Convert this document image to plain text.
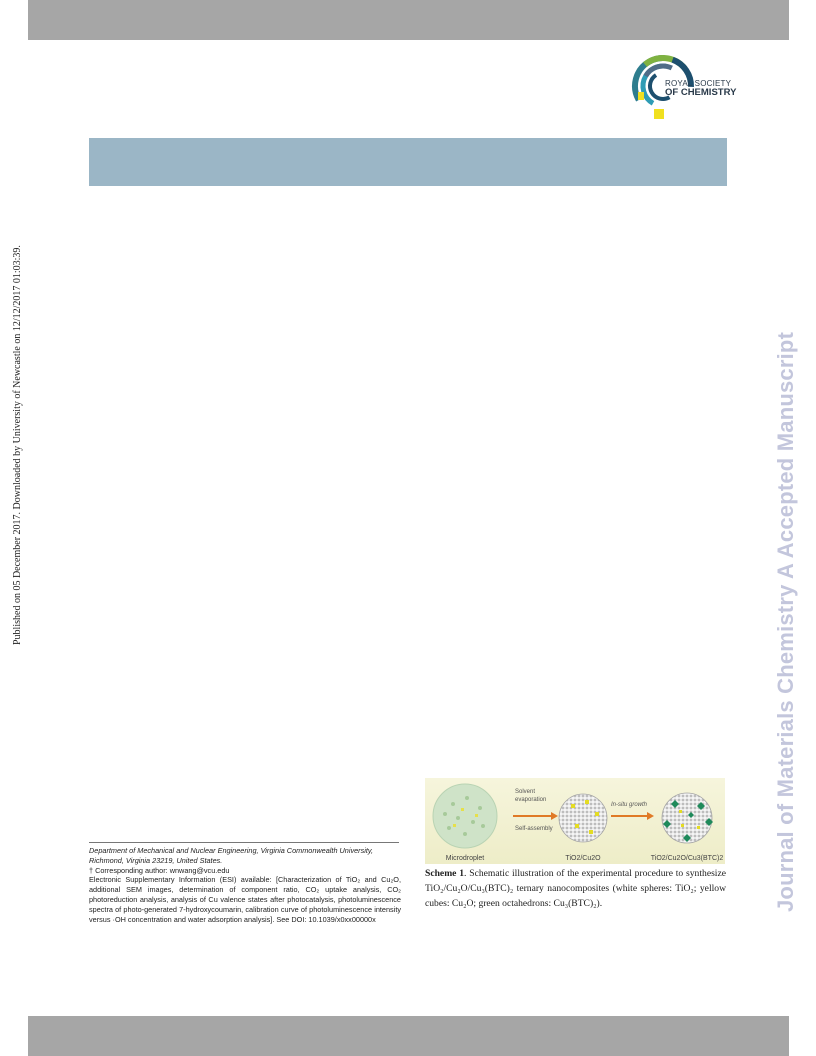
ROYAL SOCIETY
OF CHEMISTRY
Published on 05 December 2017. Downloaded by University of Newcastle on 12/12/2017 01:03:39.	Journal of Materials Chemistry A Accepted Manuscript
Solvent
evaporation
Self-assembly
In-situ growth
Microdroplet	TiO2/Cu2O	TiO2/Cu2O/Cu3(BTC)2
Scheme 1. Schematic illustration of the experimental procedure to synthesize TiO₂/Cu₂O/Cu₃(BTC)₂ ternary nanocomposites (white spheres: TiO₂; yellow cubes: Cu₂O; green octahedrons: Cu₃(BTC)₂).
Department of Mechanical and Nuclear Engineering, Virginia Commonwealth University, Richmond, Virginia 23219, United States.
† Corresponding author: wnwang@vcu.edu
Electronic Supplementary Information (ESI) available: [Characterization of TiO₂ and Cu₂O, additional SEM images, determination of component ratio, CO₂ uptake analysis, CO₂ photoreduction analysis, analysis of Cu valence states after photocatalysis, photoluminescence spectra of photo-generated 7-hydroxycoumarin, calibration curve of photoluminescence intensity versus ·OH concentration and water adsorption analysis]. See DOI: 10.1039/x0xx00000x
